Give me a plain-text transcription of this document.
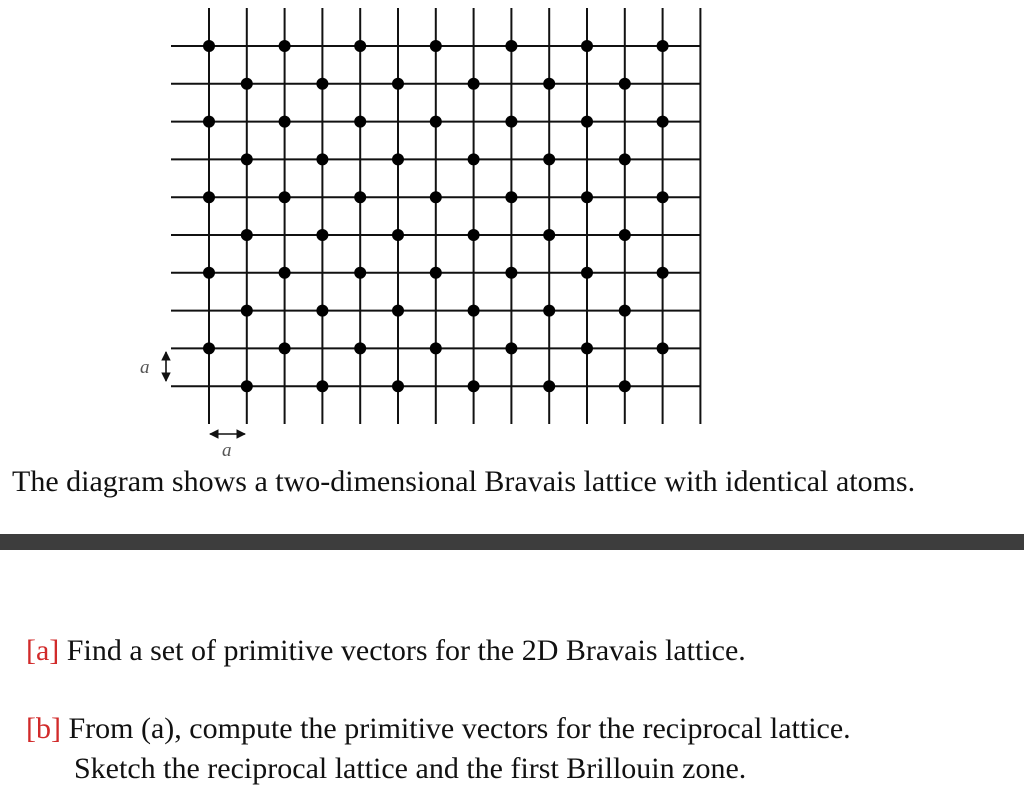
a
a

The diagram shows a two-dimensional Bravais lattice with identical atoms.

[a] Find a set of primitive vectors for the 2D Bravais lattice.

[b] From (a), compute the primitive vectors for the reciprocal lattice.
Sketch the reciprocal lattice and the first Brillouin zone.
